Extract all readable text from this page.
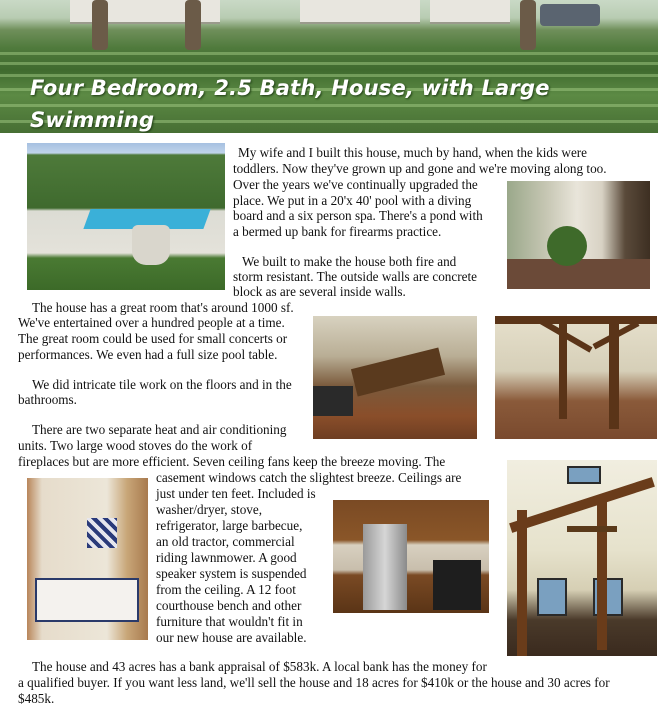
Four Bedroom, 2.5 Bath, House, with Large Swimming
My wife and I built this house, much by hand, when the kids were
toddlers. Now they've grown up and gone and we're moving along too.
Over the years we've continually upgraded the
place. We put in a 20'x 40' pool with a diving
board and a six person spa. There's a pond with
a bermed up bank for firearms practice.
We built to make the house both fire and
storm resistant. The outside walls are concrete
block as are several inside walls.
The house has a great room that's around 1000 sf.
We've entertained over a hundred people at a time.
The great room could be used for small concerts or
performances. We even had a full size pool table.
We did intricate tile work on the floors and in the
bathrooms.
There are two separate heat and air conditioning
units. Two large wood stoves do the work of
fireplaces but are more efficient. Seven ceiling fans keep the breeze moving. The
casement windows catch the slightest breeze. Ceilings are
just under ten feet. Included is
washer/dryer, stove,
refrigerator, large barbecue,
an old tractor, commercial
riding lawnmower. A good
speaker system is suspended
from the ceiling. A 12 foot
courthouse bench and other
furniture that wouldn't fit in
our new house are available.
The house and 43 acres has a bank appraisal of $583k. A local bank has the money for
a qualified buyer. If you want less land, we'll sell the house and 18 acres for $410k or the house and 30 acres for
$485k.
